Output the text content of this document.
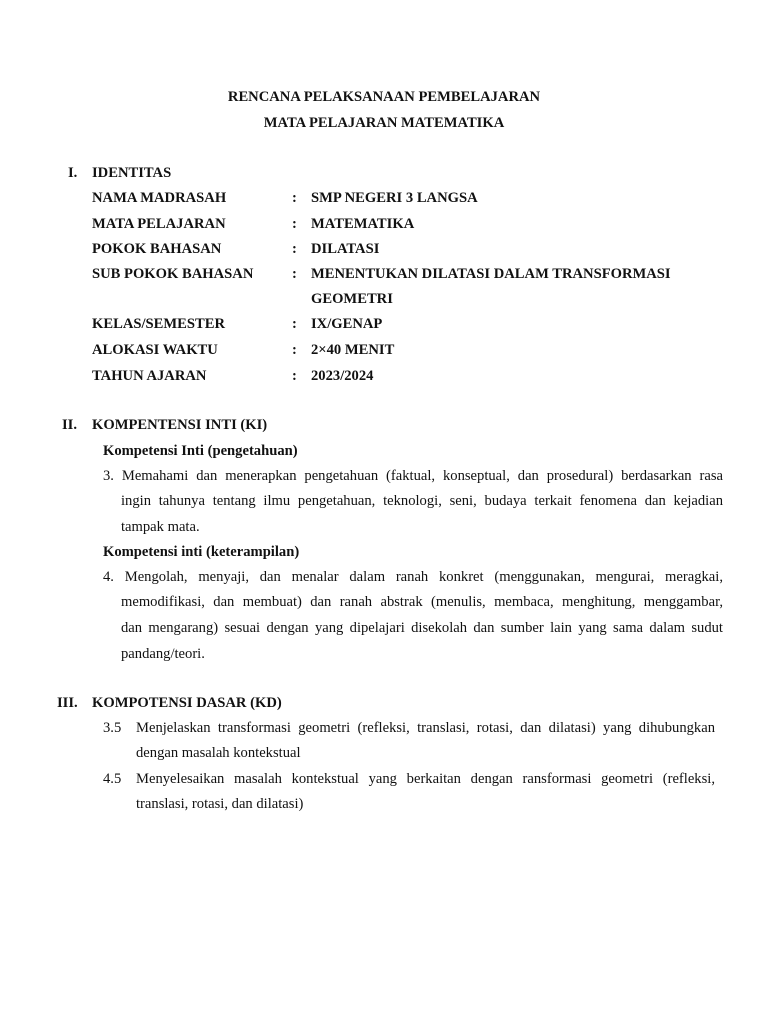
RENCANA PELAKSANAAN PEMBELAJARAN
MATA PELAJARAN MATEMATIKA
I. IDENTITAS
NAMA MADRASAH	: SMP NEGERI 3 LANGSA
MATA PELAJARAN	: MATEMATIKA
POKOK BAHASAN	: DILATASI
SUB POKOK BAHASAN	: MENENTUKAN DILATASI DALAM TRANSFORMASI
GEOMETRI
KELAS/SEMESTER	: IX/GENAP
ALOKASI WAKTU	: 2×40 MENIT
TAHUN AJARAN	: 2023/2024
II. KOMPENTENSI INTI (KI)
Kompetensi Inti (pengetahuan)
3. Memahami dan menerapkan pengetahuan (faktual, konseptual, dan prosedural) berdasarkan rasa
ingin tahunya tentang ilmu pengetahuan, teknologi, seni, budaya terkait fenomena dan kejadian
tampak mata.
Kompetensi inti (keterampilan)
4. Mengolah, menyaji, dan menalar dalam ranah konkret (menggunakan, mengurai, meragkai,
memodifikasi, dan membuat) dan ranah abstrak (menulis, membaca, menghitung, menggambar,
dan mengarang) sesuai dengan yang dipelajari disekolah dan sumber lain yang sama dalam sudut
pandang/teori.
III. KOMPOTENSI DASAR (KD)
3.5 Menjelaskan transformasi geometri (refleksi, translasi, rotasi, dan dilatasi) yang dihubungkan
dengan masalah kontekstual
4.5 Menyelesaikan masalah kontekstual yang berkaitan dengan ransformasi geometri (refleksi,
translasi, rotasi, dan dilatasi)
